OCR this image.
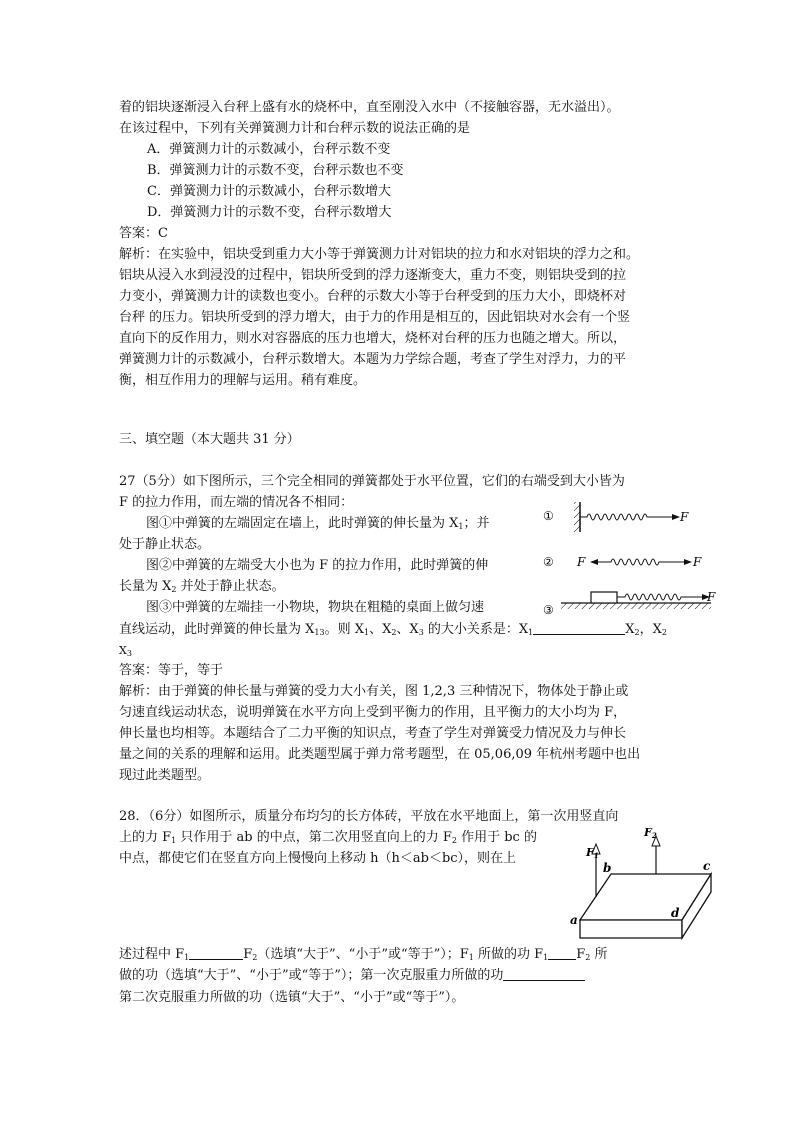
着的铝块逐渐浸入台秤上盛有水的烧杯中，直至刚没入水中（不接触容器，无水溢出）。
在该过程中，下列有关弹簧测力计和台秤示数的说法正确的是
A．弹簧测力计的示数减小，台秤示数不变
B．弹簧测力计的示数不变，台秤示数也不变
C．弹簧测力计的示数减小，台秤示数增大
D．弹簧测力计的示数不变，台秤示数增大
答案：C
解析：在实验中，铝块受到重力大小等于弹簧测力计对铝块的拉力和水对铝块的浮力之和。
铝块从浸入水到浸没的过程中，铝块所受到的浮力逐渐变大，重力不变，则铝块受到的拉
力变小，弹簧测力计的读数也变小。台秤的示数大小等于台秤受到的压力大小，即烧杯对
台秤 的压力。铝块所受到的浮力增大，由于力的作用是相互的，因此铝块对水会有一个竖
直向下的反作用力，则水对容器底的压力也增大，烧杯对台秤的压力也随之增大。所以，
弹簧测力计的示数减小，台秤示数增大。本题为力学综合题，考查了学生对浮力，力的平
衡，相互作用力的理解与运用。稍有难度。
三、填空题（本大题共 31 分）
27（5分）如下图所示，三个完全相同的弹簧都处于水平位置，它们的右端受到大小皆为
F 的拉力作用，而左端的情况各不相同：
图①中弹簧的左端固定在墙上，此时弹簧的伸长量为 $X_1$；并
处于静止状态。
图②中弹簧的左端受大小也为 F 的拉力作用，此时弹簧的伸
长量为 $X_2$ 并处于静止状态。
图③中弹簧的左端挂一小物块，物块在粗糙的桌面上做匀速
直线运动，此时弹簧的伸长量为 $X_{13}$。则 $X_1$、$X_2$、$X_3$ 的大小关系是：$X_1$	$X_2$，$X_2$
$X_3$
①	F
② F	F
③
F
答案：等于，等于
解析：由于弹簧的伸长量与弹簧的受力大小有关，图 1,2,3 三种情况下，物体处于静止或
匀速直线运动状态，说明弹簧在水平方向上受到平衡力的作用，且平衡力的大小均为 F，
伸长量也均相等。本题结合了二力平衡的知识点，考查了学生对弹簧受力情况及力与伸长
量之间的关系的理解和运用。此类题型属于弹力常考题型，在 05,06,09 年杭州考题中也出
现过此类题型。
28．（6分）如图所示，质量分布均匀的长方体砖，平放在水平地面上，第一次用竖直向
上的力 $F_1$ 只作用于 ab 的中点，第二次用竖直向上的力 $F_2$ 作用于 bc 的
中点，都使它们在竖直方向上慢慢向上移动 h（h＜ab＜bc），则在上	F1
F2
a
b	c
d
述过程中 $F_1$	$F_2$（选填“大于”、“小于”或“等于”）；$F_1$ 所做的功 $F_1$ $F_2$ 所
做的功（选填“大于”、“小于”或“等于”）；第一次克服重力所做的功
第二次克服重力所做的功（选镇“大于”、“小于”或“等于”）。
